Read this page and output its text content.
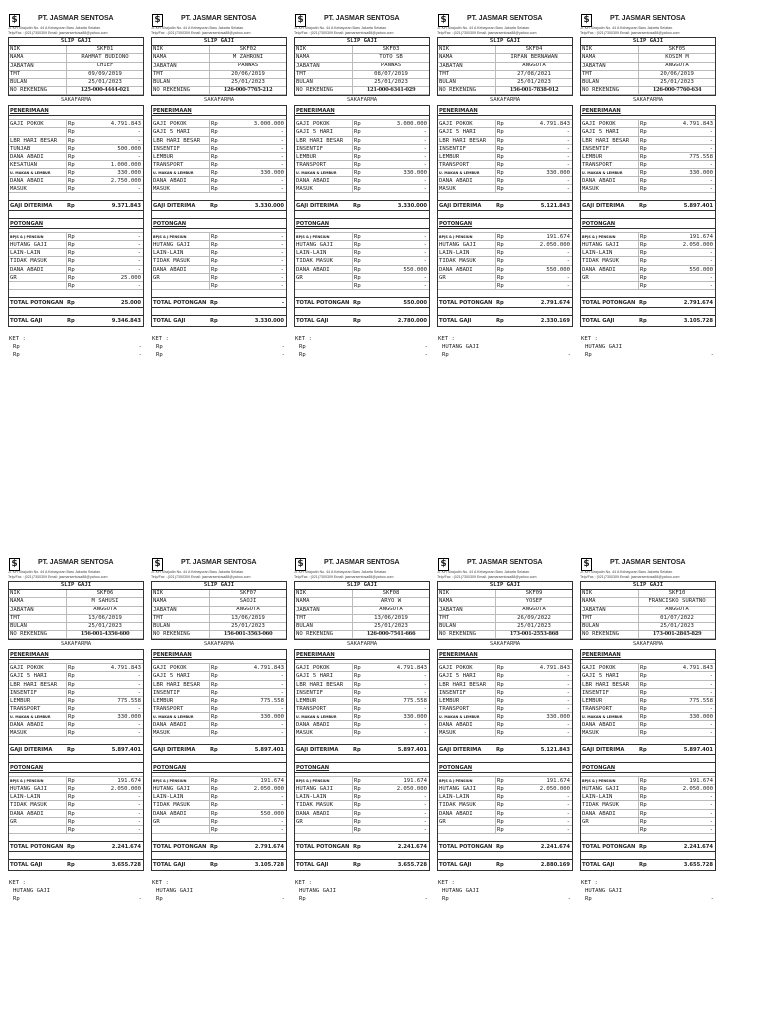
$	PT. JASMAR SENTOSA
Jl. KH Sirajudin No. 44 A Kebayoran Baru Jakarta Selatan.
Telp/Fax : (021)7300309 Email: jasmarsentosa88@yahoo.com
SLIP GAJI
NIK	SKF01
NAMA	RAHMAT BUDIONO
JABATAN	CHIEF
TMT	09/09/2019
BULAN	25/01/2023
NO REKENING	125-000-4444-021
SAKAFARMA
PENERIMAAN
GAJI POKOK	Rp	4.791.843
Rp	-
LBR HARI BESAR	Rp	-
TUNJAB	Rp	500.000
DANA ABADI	Rp	-
KESATUAN	Rp	1.000.000
U. MAKAN & LEMBUR	Rp	330.000
DANA ABADI	Rp	2.750.000
MASUK	Rp	-
GAJI DITERIMA	Rp	9.371.843
POTONGAN
BPJS & J PENSIUN	Rp	-
HUTANG GAJI	Rp	-
LAIN-LAIN	Rp	-
TIDAK MASUK	Rp	-
DANA ABADI	Rp	-
GR	Rp	25.000
Rp	-
TOTAL POTONGAN Rp	25.000
TOTAL GAJI	Rp	9.346.843
KET :
Rp	-
Rp	-
$	PT. JASMAR SENTOSA
Jl. KH Sirajudin No. 44 A Kebayoran Baru Jakarta Selatan.
Telp/Fax : (021)7300309 Email: jasmarsentosa88@yahoo.com
SLIP GAJI
NIK	SKF02
NAMA	M ZAHRONI
JABATAN	PANWAS
TMT	20/06/2019
BULAN	25/01/2023
NO REKENING	126-000-7765-212
SAKAFARMA
PENERIMAAN
GAJI POKOK	Rp	3.000.000
GAJI 5 HARI	Rp	-
LBR HARI BESAR	Rp	-
INSENTIF	Rp	-
LEMBUR	Rp	-
TRANSPORT	Rp	-
U. MAKAN & LEMBUR	Rp	330.000
DANA ABADI	Rp	-
MASUK	Rp	-
GAJI DITERIMA	Rp	3.330.000
POTONGAN
BPJS & J PENSIUN	Rp	-
HUTANG GAJI	Rp	-
LAIN-LAIN	Rp	-
TIDAK MASUK	Rp	-
DANA ABADI	Rp	-
GR	Rp	-
Rp	-
TOTAL POTONGAN Rp	-
TOTAL GAJI	Rp	3.330.000
KET :
Rp	-
Rp	-
$	PT. JASMAR SENTOSA
Jl. KH Sirajudin No. 44 A Kebayoran Baru Jakarta Selatan.
Telp/Fax : (021)7300309 Email: jasmarsentosa88@yahoo.com
SLIP GAJI
NIK	SKF03
NAMA	TOTO SB
JABATAN	PANWAS
TMT	08/07/2019
BULAN	25/01/2023
NO REKENING	121-000-6341-029
SAKAFARMA
PENERIMAAN
GAJI POKOK	Rp	3.000.000
GAJI 5 HARI	Rp	-
LBR HARI BESAR	Rp	-
INSENTIF	Rp	-
LEMBUR	Rp	-
TRANSPORT	Rp	-
U. MAKAN & LEMBUR	Rp	330.000
DANA ABADI	Rp	-
MASUK	Rp	-
GAJI DITERIMA	Rp	3.330.000
POTONGAN
BPJS & J PENSIUN	Rp	-
HUTANG GAJI	Rp	-
LAIN-LAIN	Rp	-
TIDAK MASUK	Rp	-
DANA ABADI	Rp	550.000
GR	Rp	-
Rp	-
TOTAL POTONGAN Rp	550.000
TOTAL GAJI	Rp	2.780.000
KET :
Rp	-
Rp	-
$	PT. JASMAR SENTOSA
Jl. KH Sirajudin No. 44 A Kebayoran Baru Jakarta Selatan.
Telp/Fax : (021)7300309 Email: jasmarsentosa88@yahoo.com
SLIP GAJI
NIK	SKF04
NAMA	IRFAN BERNAWAN
JABATAN	ANGGOTA
TMT	27/08/2021
BULAN	25/01/2023
NO REKENING	156-001-7838-012
SAKAFARMA
PENERIMAAN
GAJI POKOK	Rp	4.791.843
GAJI 5 HARI	Rp	-
LBR HARI BESAR	Rp	-
INSENTIF	Rp	-
LEMBUR	Rp	-
TRANSPORT	Rp	-
U. MAKAN & LEMBUR	Rp	330.000
DANA ABADI	Rp	-
MASUK	Rp	-
GAJI DITERIMA	Rp	5.121.843
POTONGAN
BPJS & J PENSIUN	Rp	191.674
HUTANG GAJI	Rp	2.050.000
LAIN-LAIN	Rp	-
TIDAK MASUK	Rp	-
DANA ABADI	Rp	550.000
GR	Rp	-
Rp	-
TOTAL POTONGAN Rp	2.791.674
TOTAL GAJI	Rp	2.330.169
KET :
HUTANG GAJI
Rp	-
$	PT. JASMAR SENTOSA
Jl. KH Sirajudin No. 44 A Kebayoran Baru Jakarta Selatan.
Telp/Fax : (021)7300309 Email: jasmarsentosa88@yahoo.com
SLIP GAJI
NIK	SKF05
NAMA	KOSIM M
JABATAN	ANGGOTA
TMT	20/06/2019
BULAN	25/01/2023
NO REKENING	126-000-7760-634
SAKAFARMA
PENERIMAAN
GAJI POKOK	Rp	4.791.843
GAJI 5 HARI	Rp	-
LBR HARI BESAR	Rp	-
INSENTIF	Rp	-
LEMBUR	Rp	775.558
TRANSPORT	Rp	-
U. MAKAN & LEMBUR	Rp	330.000
DANA ABADI	Rp	-
MASUK	Rp	-
GAJI DITERIMA	Rp	5.897.401
POTONGAN
BPJS & J PENSIUN	Rp	191.674
HUTANG GAJI	Rp	2.050.000
LAIN-LAIN	Rp	-
TIDAK MASUK	Rp	-
DANA ABADI	Rp	550.000
GR	Rp	-
Rp	-
TOTAL POTONGAN Rp	2.791.674
TOTAL GAJI	Rp	3.105.728
KET :
HUTANG GAJI
Rp	-
$	PT. JASMAR SENTOSA
Jl. KH Sirajudin No. 44 A Kebayoran Baru Jakarta Selatan.
Telp/Fax : (021)7300309 Email: jasmarsentosa88@yahoo.com
SLIP GAJI
NIK	SKF06
NAMA	M SAHUSI
JABATAN	ANGGOTA
TMT	13/06/2019
BULAN	25/01/2023
NO REKENING	156-001-4356-600
SAKAFARMA
PENERIMAAN
GAJI POKOK	Rp	4.791.843
GAJI 5 HARI	Rp	-
LBR HARI BESAR	Rp	-
INSENTIF	Rp	-
LEMBUR	Rp	775.558
TRANSPORT	Rp	-
U. MAKAN & LEMBUR	Rp	330.000
DANA ABADI	Rp	-
MASUK	Rp	-
GAJI DITERIMA	Rp	5.897.401
POTONGAN
BPJS & J PENSIUN	Rp	191.674
HUTANG GAJI	Rp	2.050.000
LAIN-LAIN	Rp	-
TIDAK MASUK	Rp	-
DANA ABADI	Rp	-
GR	Rp	-
Rp	-
TOTAL POTONGAN Rp	2.241.674
TOTAL GAJI	Rp	3.655.728
KET :
HUTANG GAJI
Rp	-
$	PT. JASMAR SENTOSA
Jl. KH Sirajudin No. 44 A Kebayoran Baru Jakarta Selatan.
Telp/Fax : (021)7300309 Email: jasmarsentosa88@yahoo.com
SLIP GAJI
NIK	SKF07
NAMA	SAOJI
JABATAN	ANGGOTA
TMT	13/06/2019
BULAN	25/01/2023
NO REKENING	156-001-3563-060
SAKAFARMA
PENERIMAAN
GAJI POKOK	Rp	4.791.843
GAJI 5 HARI	Rp	-
LBR HARI BESAR	Rp	-
INSENTIF	Rp	-
LEMBUR	Rp	775.558
TRANSPORT	Rp	-
U. MAKAN & LEMBUR	Rp	330.000
DANA ABADI	Rp	-
MASUK	Rp	-
GAJI DITERIMA	Rp	5.897.401
POTONGAN
BPJS & J PENSIUN	Rp	191.674
HUTANG GAJI	Rp	2.050.000
LAIN-LAIN	Rp	-
TIDAK MASUK	Rp	-
DANA ABADI	Rp	550.000
GR	Rp	-
Rp	-
TOTAL POTONGAN Rp	2.791.674
TOTAL GAJI	Rp	3.105.728
KET :
HUTANG GAJI
Rp	-
$	PT. JASMAR SENTOSA
Jl. KH Sirajudin No. 44 A Kebayoran Baru Jakarta Selatan.
Telp/Fax : (021)7300309 Email: jasmarsentosa88@yahoo.com
SLIP GAJI
NIK	SKF08
NAMA	ARYO W
JABATAN	ANGGOTA
TMT	13/06/2019
BULAN	25/01/2023
NO REKENING	126-000-7541-666
SAKAFARMA
PENERIMAAN
GAJI POKOK	Rp	4.791.843
GAJI 5 HARI	Rp	-
LBR HARI BESAR	Rp	-
INSENTIF	Rp	-
LEMBUR	Rp	775.558
TRANSPORT	Rp	-
U. MAKAN & LEMBUR	Rp	330.000
DANA ABADI	Rp	-
MASUK	Rp	-
GAJI DITERIMA	Rp	5.897.401
POTONGAN
BPJS & J PENSIUN	Rp	191.674
HUTANG GAJI	Rp	2.050.000
LAIN-LAIN	Rp	-
TIDAK MASUK	Rp	-
DANA ABADI	Rp	-
GR	Rp	-
Rp	-
TOTAL POTONGAN Rp	2.241.674
TOTAL GAJI	Rp	3.655.728
KET :
HUTANG GAJI
Rp	-
$	PT. JASMAR SENTOSA
Jl. KH Sirajudin No. 44 A Kebayoran Baru Jakarta Selatan.
Telp/Fax : (021)7300309 Email: jasmarsentosa88@yahoo.com
SLIP GAJI
NIK	SKF09
NAMA	YOSEF
JABATAN	ANGGOTA
TMT	26/09/2022
BULAN	25/01/2023
NO REKENING	173-001-2553-868
SAKAFARMA
PENERIMAAN
GAJI POKOK	Rp	4.791.843
GAJI 5 HARI	Rp	-
LBR HARI BESAR	Rp	-
INSENTIF	Rp	-
LEMBUR	Rp	-
TRANSPORT	Rp	-
U. MAKAN & LEMBUR	Rp	330.000
DANA ABADI	Rp	-
MASUK	Rp	-
GAJI DITERIMA	Rp	5.121.843
POTONGAN
BPJS & J PENSIUN	Rp	191.674
HUTANG GAJI	Rp	2.050.000
LAIN-LAIN	Rp	-
TIDAK MASUK	Rp	-
DANA ABADI	Rp	-
GR	Rp	-
Rp	-
TOTAL POTONGAN Rp	2.241.674
TOTAL GAJI	Rp	2.880.169
KET :
HUTANG GAJI
Rp	-
$	PT. JASMAR SENTOSA
Jl. KH Sirajudin No. 44 A Kebayoran Baru Jakarta Selatan.
Telp/Fax : (021)7300309 Email: jasmarsentosa88@yahoo.com
SLIP GAJI
NIK	SKF10
NAMA	FRANCISKO SURATNO
JABATAN	ANGGOTA
TMT	01/07/2022
BULAN	25/01/2023
NO REKENING	173-001-2845-829
SAKAFARMA
PENERIMAAN
GAJI POKOK	Rp	4.791.843
GAJI 5 HARI	Rp	-
LBR HARI BESAR	Rp	-
INSENTIF	Rp	-
LEMBUR	Rp	775.558
TRANSPORT	Rp	-
U. MAKAN & LEMBUR	Rp	330.000
DANA ABADI	Rp	-
MASUK	Rp	-
GAJI DITERIMA	Rp	5.897.401
POTONGAN
BPJS & J PENSIUN	Rp	191.674
HUTANG GAJI	Rp	2.050.000
LAIN-LAIN	Rp	-
TIDAK MASUK	Rp	-
DANA ABADI	Rp	-
GR	Rp	-
Rp	-
TOTAL POTONGAN Rp	2.241.674
TOTAL GAJI	Rp	3.655.728
KET :
HUTANG GAJI
Rp	-
